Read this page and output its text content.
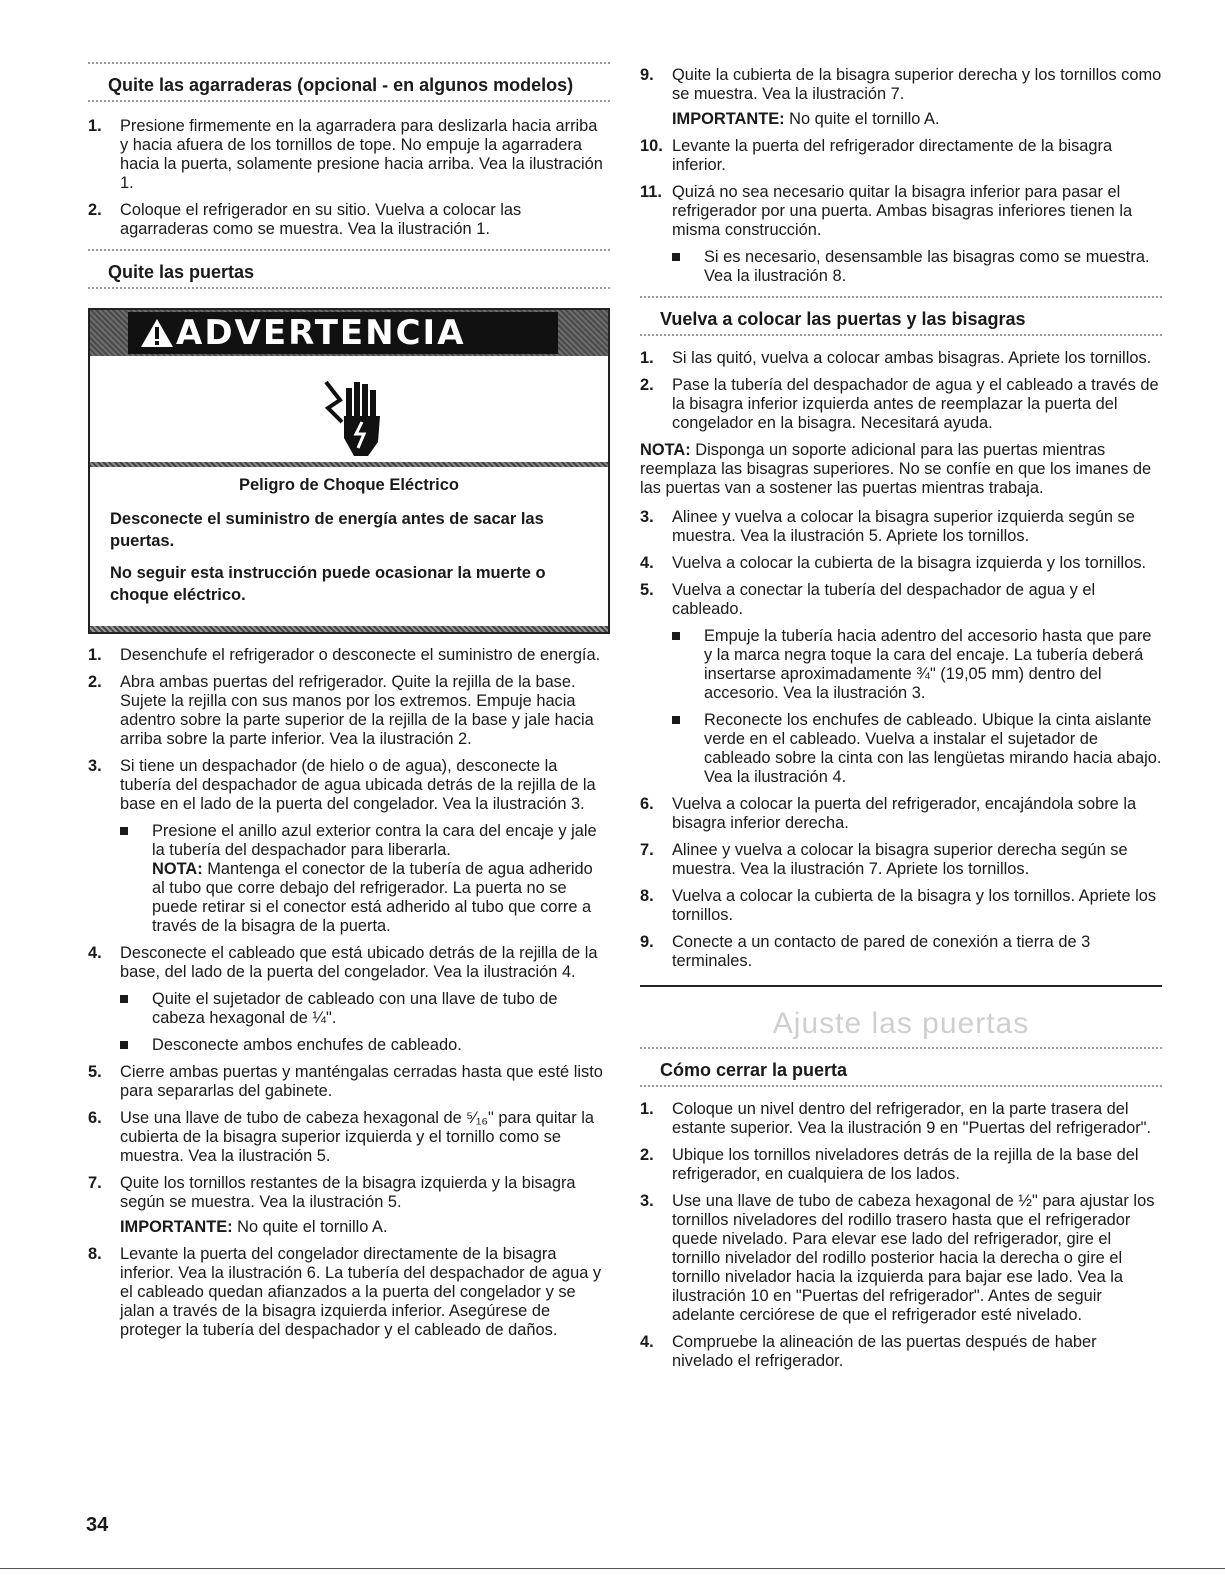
Quite las agarraderas (opcional - en algunos modelos)
1. Presione firmemente en la agarradera para deslizarla hacia arriba y hacia afuera de los tornillos de tope. No empuje la agarradera hacia la puerta, solamente presione hacia arriba. Vea la ilustración 1.

2. Coloque el refrigerador en su sitio. Vuelva a colocar las agarraderas como se muestra. Vea la ilustración 1.

Quite las puertas
ADVERTENCIA
Peligro de Choque Eléctrico

Desconecte el suministro de energía antes de sacar las puertas.

No seguir esta instrucción puede ocasionar la muerte o choque eléctrico.

1. Desenchufe el refrigerador o desconecte el suministro de energía.

2. Abra ambas puertas del refrigerador. Quite la rejilla de la base. Sujete la rejilla con sus manos por los extremos. Empuje hacia adentro sobre la parte superior de la rejilla de la base y jale hacia arriba sobre la parte inferior. Vea la ilustración 2.

3. Si tiene un despachador (de hielo o de agua), desconecte la tubería del despachador de agua ubicada detrás de la rejilla de la base en el lado de la puerta del congelador. Vea la ilustración 3.

Presione el anillo azul exterior contra la cara del encaje y jale la tubería del despachador para liberarla.

NOTA: Mantenga el conector de la tubería de agua adherido al tubo que corre debajo del refrigerador. La puerta no se puede retirar si el conector está adherido al tubo que corre a través de la bisagra de la puerta.

4. Desconecte el cableado que está ubicado detrás de la rejilla de la base, del lado de la puerta del congelador. Vea la ilustración 4.

Quite el sujetador de cableado con una llave de tubo de cabeza hexagonal de ¼".
Desconecte ambos enchufes de cableado.
5. Cierre ambas puertas y manténgalas cerradas hasta que esté listo para separarlas del gabinete.

6. Use una llave de tubo de cabeza hexagonal de ⁵⁄₁₆" para quitar la cubierta de la bisagra superior izquierda y el tornillo como se muestra. Vea la ilustración 5.

7. Quite los tornillos restantes de la bisagra izquierda y la bisagra según se muestra. Vea la ilustración 5.

IMPORTANTE: No quite el tornillo A.

8. Levante la puerta del congelador directamente de la bisagra inferior. Vea la ilustración 6. La tubería del despachador de agua y el cableado quedan afianzados a la puerta del congelador y se jalan a través de la bisagra izquierda inferior. Asegúrese de proteger la tubería del despachador y el cableado de daños.

9. Quite la cubierta de la bisagra superior derecha y los tornillos como se muestra. Vea la ilustración 7.

IMPORTANTE: No quite el tornillo A.

10. Levante la puerta del refrigerador directamente de la bisagra inferior.

11. Quizá no sea necesario quitar la bisagra inferior para pasar el refrigerador por una puerta. Ambas bisagras inferiores tienen la misma construcción.

Si es necesario, desensamble las bisagras como se muestra. Vea la ilustración 8.
Vuelva a colocar las puertas y las bisagras
1. Si las quitó, vuelva a colocar ambas bisagras. Apriete los tornillos.

2. Pase la tubería del despachador de agua y el cableado a través de la bisagra inferior izquierda antes de reemplazar la puerta del congelador en la bisagra. Necesitará ayuda.

NOTA: Disponga un soporte adicional para las puertas mientras reemplaza las bisagras superiores. No se confíe en que los imanes de las puertas van a sostener las puertas mientras trabaja.

3. Alinee y vuelva a colocar la bisagra superior izquierda según se muestra. Vea la ilustración 5. Apriete los tornillos.

4. Vuelva a colocar la cubierta de la bisagra izquierda y los tornillos.

5. Vuelva a conectar la tubería del despachador de agua y el cableado.

Empuje la tubería hacia adentro del accesorio hasta que pare y la marca negra toque la cara del encaje. La tubería deberá insertarse aproximadamente ¾" (19,05 mm) dentro del accesorio. Vea la ilustración 3.
Reconecte los enchufes de cableado. Ubique la cinta aislante verde en el cableado. Vuelva a instalar el sujetador de cableado sobre la cinta con las lengüetas mirando hacia abajo. Vea la ilustración 4.
6. Vuelva a colocar la puerta del refrigerador, encajándola sobre la bisagra inferior derecha.

7. Alinee y vuelva a colocar la bisagra superior derecha según se muestra. Vea la ilustración 7. Apriete los tornillos.

8. Vuelva a colocar la cubierta de la bisagra y los tornillos. Apriete los tornillos.

9. Conecte a un contacto de pared de conexión a tierra de 3 terminales.

Ajuste las puertas
Cómo cerrar la puerta
1. Coloque un nivel dentro del refrigerador, en la parte trasera del estante superior. Vea la ilustración 9 en "Puertas del refrigerador".

2. Ubique los tornillos niveladores detrás de la rejilla de la base del refrigerador, en cualquiera de los lados.

3. Use una llave de tubo de cabeza hexagonal de ½" para ajustar los tornillos niveladores del rodillo trasero hasta que el refrigerador quede nivelado. Para elevar ese lado del refrigerador, gire el tornillo nivelador del rodillo posterior hacia la derecha o gire el tornillo nivelador hacia la izquierda para bajar ese lado. Vea la ilustración 10 en "Puertas del refrigerador". Antes de seguir adelante cerciórese de que el refrigerador esté nivelado.

4. Compruebe la alineación de las puertas después de haber nivelado el refrigerador.

34
